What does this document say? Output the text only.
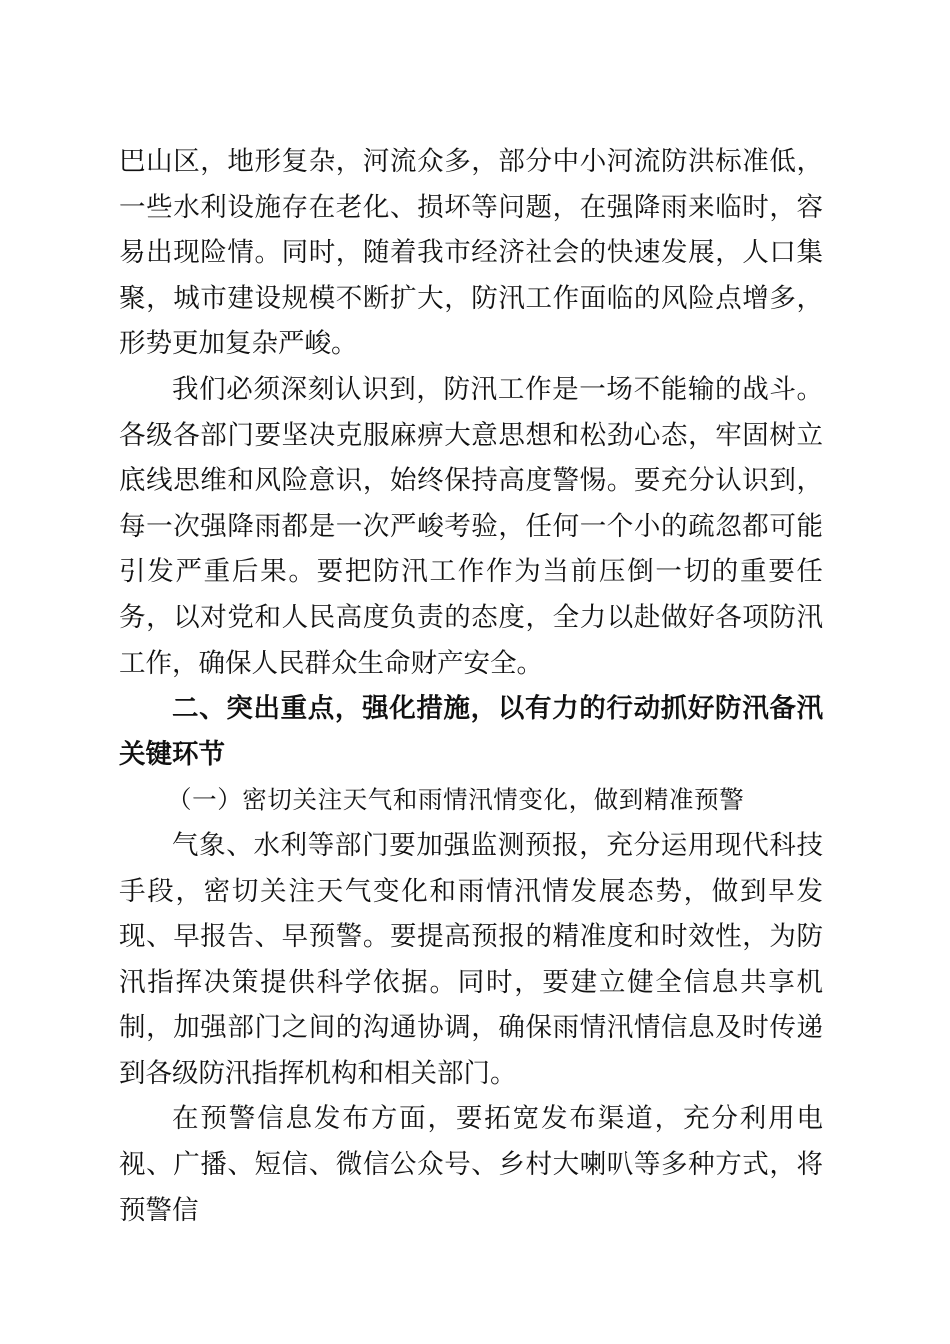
巴山区，地形复杂，河流众多，部分中小河流防洪标准低，一些水利设施存在老化、损坏等问题，在强降雨来临时，容易出现险情。同时，随着我市经济社会的快速发展，人口集聚，城市建设规模不断扩大，防汛工作面临的风险点增多，形势更加复杂严峻。

我们必须深刻认识到，防汛工作是一场不能输的战斗。各级各部门要坚决克服麻痹大意思想和松劲心态，牢固树立底线思维和风险意识，始终保持高度警惕。要充分认识到，每一次强降雨都是一次严峻考验，任何一个小的疏忽都可能引发严重后果。要把防汛工作作为当前压倒一切的重要任务，以对党和人民高度负责的态度，全力以赴做好各项防汛工作，确保人民群众生命财产安全。

二、突出重点，强化措施，以有力的行动抓好防汛备汛关键环节

（一）密切关注天气和雨情汛情变化，做到精准预警

气象、水利等部门要加强监测预报，充分运用现代科技手段，密切关注天气变化和雨情汛情发展态势，做到早发现、早报告、早预警。要提高预报的精准度和时效性，为防汛指挥决策提供科学依据。同时，要建立健全信息共享机制，加强部门之间的沟通协调，确保雨情汛情信息及时传递到各级防汛指挥机构和相关部门。

在预警信息发布方面，要拓宽发布渠道，充分利用电视、广播、短信、微信公众号、乡村大喇叭等多种方式，将预警信
